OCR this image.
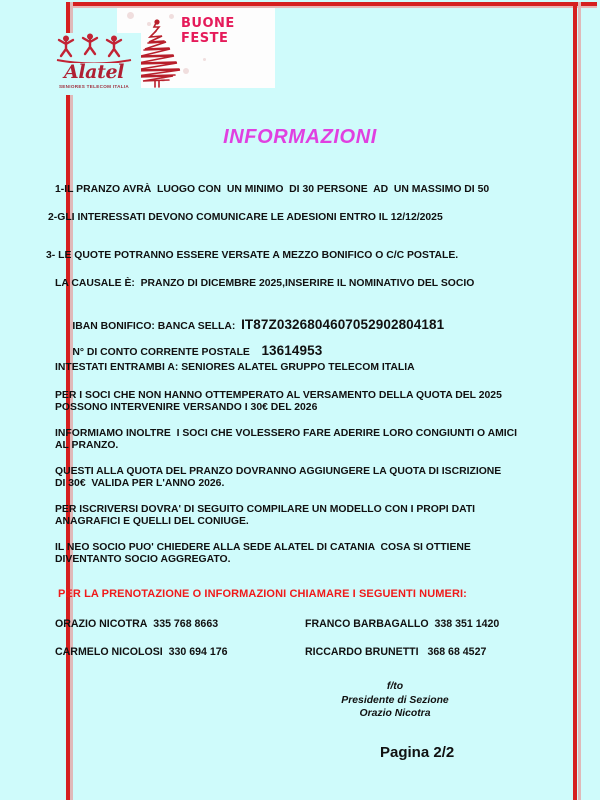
BUONE
FESTE
Alatel
SENIORES TELECOM ITALIA
INFORMAZIONI
1-IL PRANZO AVRÀ  LUOGO CON  UN MINIMO  DI 30 PERSONE  AD  UN MASSIMO DI 50
2-GLI INTERESSATI DEVONO COMUNICARE LE ADESIONI ENTRO IL 12/12/2025
3- LE QUOTE POTRANNO ESSERE VERSATE A MEZZO BONIFICO O C/C POSTALE.
LA CAUSALE È:  PRANZO DI DICEMBRE 2025,INSERIRE IL NOMINATIVO DEL SOCIO

IBAN BONIFICO: BANCA SELLA: IT87Z0326804607052902804181

N° DI CONTO CORRENTE POSTALE 13614953

INTESTATI ENTRAMBI A: SENIORES ALATEL GRUPPO TELECOM ITALIA
PER I SOCI CHE NON HANNO OTTEMPERATO AL VERSAMENTO DELLA QUOTA DEL 2025
POSSONO INTERVENIRE VERSANDO I 30€ DEL 2026
INFORMIAMO INOLTRE  I SOCI CHE VOLESSERO FARE ADERIRE LORO CONGIUNTI O AMICI
AL PRANZO.
QUESTI ALLA QUOTA DEL PRANZO DOVRANNO AGGIUNGERE LA QUOTA DI ISCRIZIONE
DI 30€  VALIDA PER L'ANNO 2026.
PER ISCRIVERSI DOVRA' DI SEGUITO COMPILARE UN MODELLO CON I PROPI DATI
ANAGRAFICI E QUELLI DEL CONIUGE.
IL NEO SOCIO PUO' CHIEDERE ALLA SEDE ALATEL DI CATANIA  COSA SI OTTIENE
DIVENTANTO SOCIO AGGREGATO.
PER LA PRENOTAZIONE O INFORMAZIONI CHIAMARE I SEGUENTI NUMERI:
ORAZIO NICOTRA 335 768 8663	FRANCO BARBAGALLO 338 351 1420
CARMELO NICOLOSI 330 694 176	RICCARDO BRUNETTI 368 68 4527
f/to
Presidente di Sezione
Orazio Nicotra
Pagina 2/2
